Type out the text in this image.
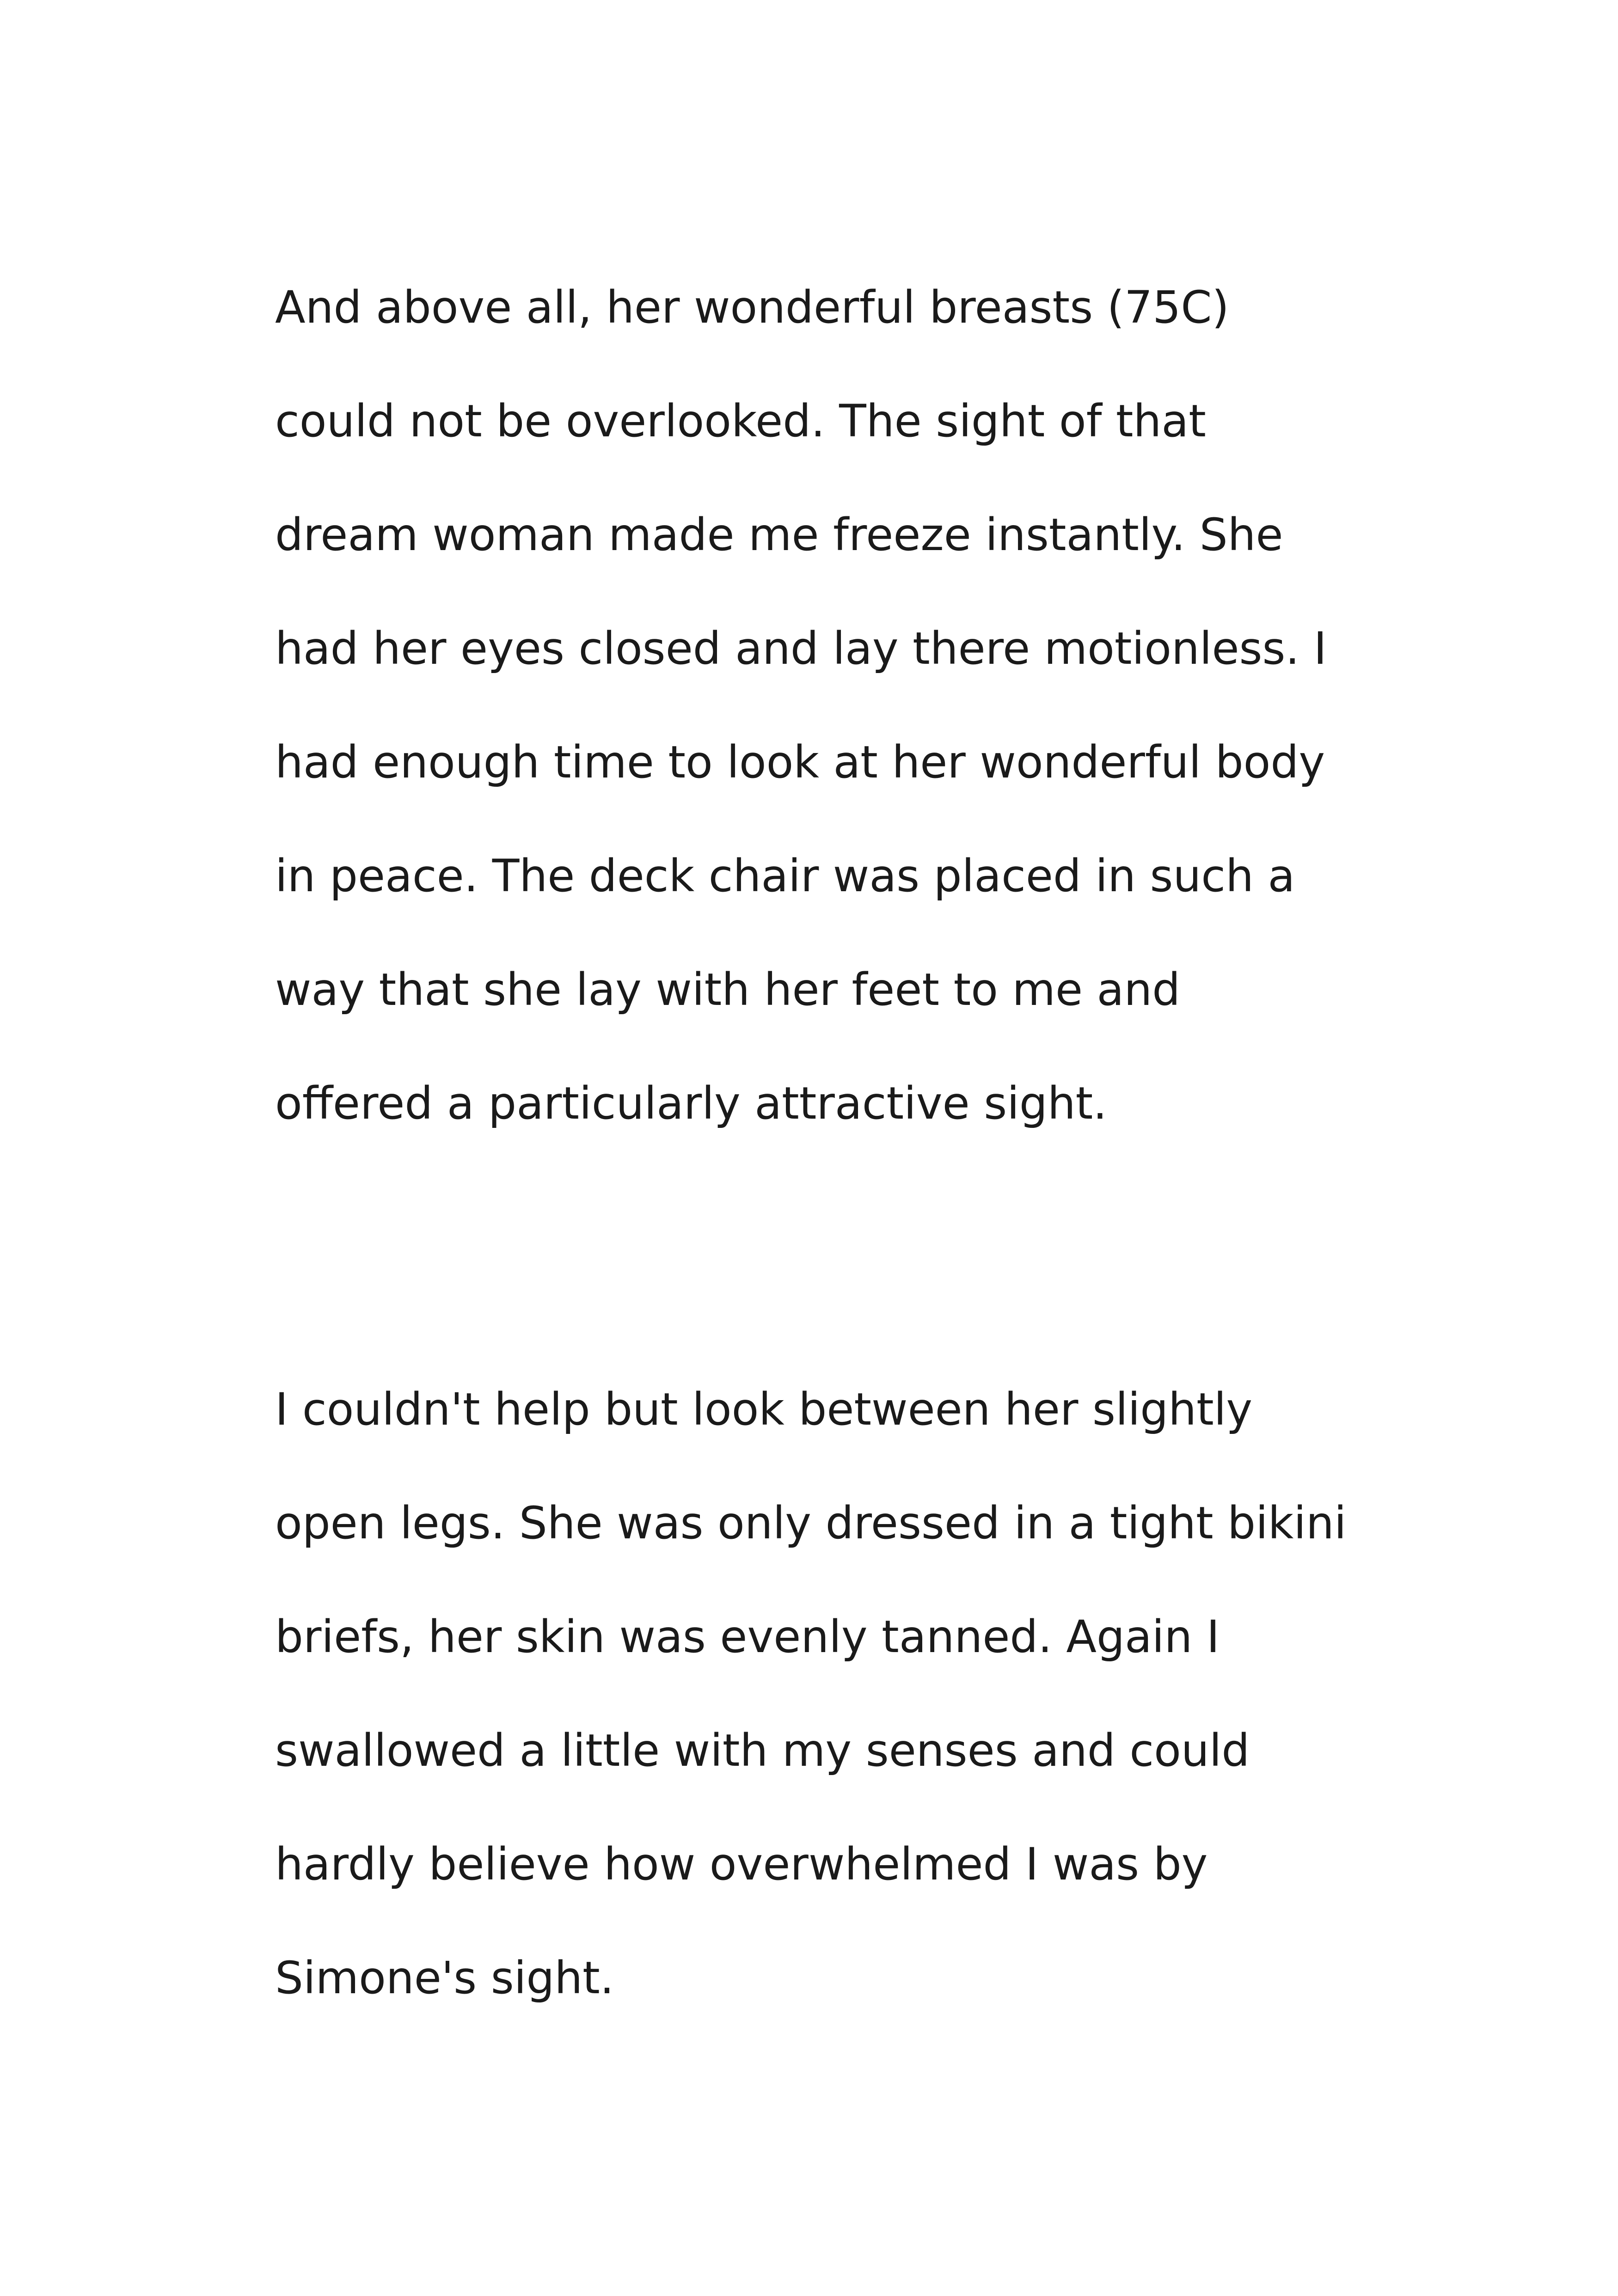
And above all, her wonderful breasts (75C)

could not be overlooked. The sight of that

dream woman made me freeze instantly. She

had her eyes closed and lay there motionless. I

had enough time to look at her wonderful body

in peace. The deck chair was placed in such a

way that she lay with her feet to me and

offered a particularly attractive sight.

I couldn't help but look between her slightly

open legs. She was only dressed in a tight bikini

briefs, her skin was evenly tanned. Again I

swallowed a little with my senses and could

hardly believe how overwhelmed I was by

Simone's sight.
